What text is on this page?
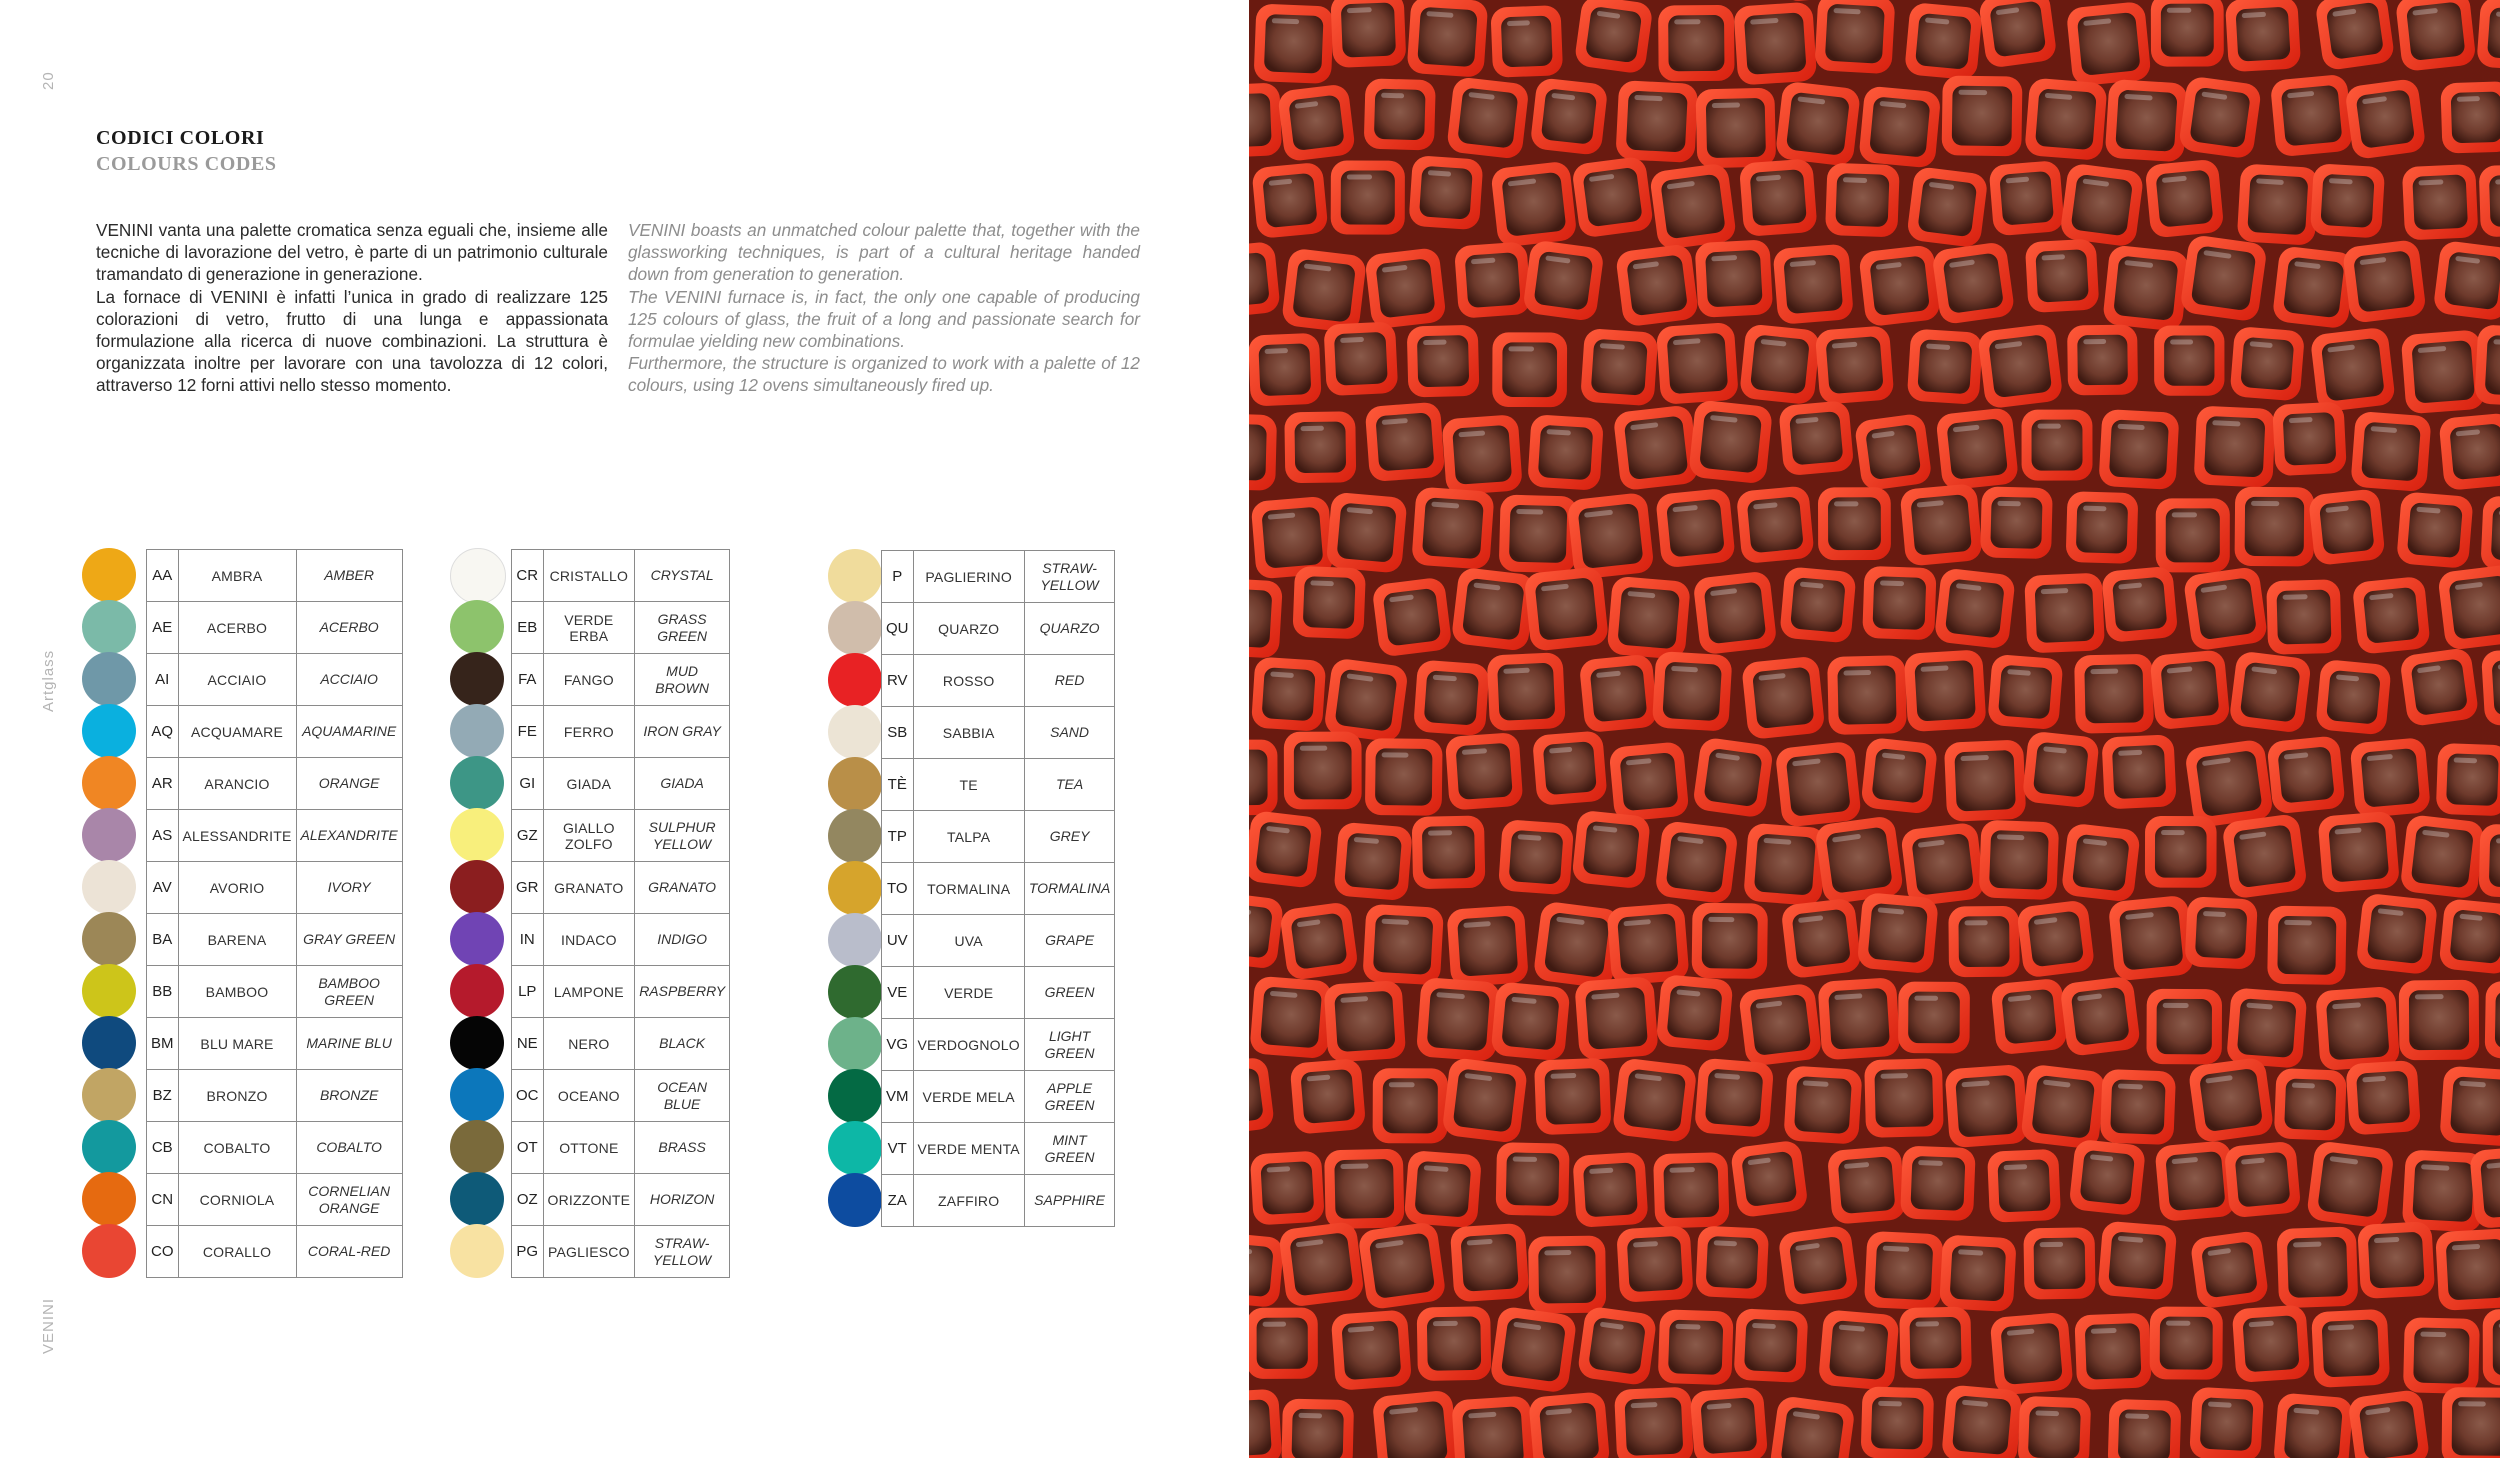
20
Artglass
VENINI
CODICI COLORI
COLOURS CODES

VENINI vanta una palette cromatica senza eguali che, insieme alle tecniche di lavorazione del vetro, è parte di un patrimonio culturale tramandato di generazione in generazione.

La fornace di VENINI è infatti l’unica in grado di realizzare 125 colorazioni di vetro, frutto di una lunga e appassionata formulazione alla ricerca di nuove combinazioni. La struttura è organizzata inoltre per lavorare con una tavolozza di 12 colori, attraverso 12 forni attivi nello stesso momento.

VENINI boasts an unmatched colour palette that, together with the glassworking techniques, is part of a cultural heritage handed down from generation to generation.

The VENINI furnace is, in fact, the only one capable of producing 125 colours of glass, the fruit of a long and passionate search for formulae yielding new combinations.

Furthermore, the structure is organized to work with a palette of 12 colours, using 12 ovens simultaneously fired up.

AA	AMBRA	AMBER
AE	ACERBO	ACERBO
AI	ACCIAIO	ACCIAIO
AQ	ACQUAMARE	AQUAMARINE
AR	ARANCIO	ORANGE
AS	ALESSANDRITE	ALEXANDRITE
AV	AVORIO	IVORY
BA	BARENA	GRAY GREEN
BB	BAMBOO	BAMBOO GREEN
BM	BLU MARE	MARINE BLU
BZ	BRONZO	BRONZE
CB	COBALTO	COBALTO
CN	CORNIOLA	CORNELIAN ORANGE
CO	CORALLO	CORAL-RED
CR	CRISTALLO	CRYSTAL
EB	VERDE ERBA	GRASS GREEN
FA	FANGO	MUD BROWN
FE	FERRO	IRON GRAY
GI	GIADA	GIADA
GZ	GIALLO ZOLFO	SULPHUR YELLOW
GR	GRANATO	GRANATO
IN	INDACO	INDIGO
LP	LAMPONE	RASPBERRY
NE	NERO	BLACK
OC	OCEANO	OCEAN BLUE
OT	OTTONE	BRASS
OZ	ORIZZONTE	HORIZON
PG	PAGLIESCO	STRAW-YELLOW
P	PAGLIERINO	STRAW-YELLOW
QU	QUARZO	QUARZO
RV	ROSSO	RED
SB	SABBIA	SAND
TÈ	TE	TEA
TP	TALPA	GREY
TO	TORMALINA	TORMALINA
UV	UVA	GRAPE
VE	VERDE	GREEN
VG	VERDOGNOLO	LIGHT GREEN
VM	VERDE MELA	APPLE GREEN
VT	VERDE MENTA	MINT GREEN
ZA	ZAFFIRO	SAPPHIRE
